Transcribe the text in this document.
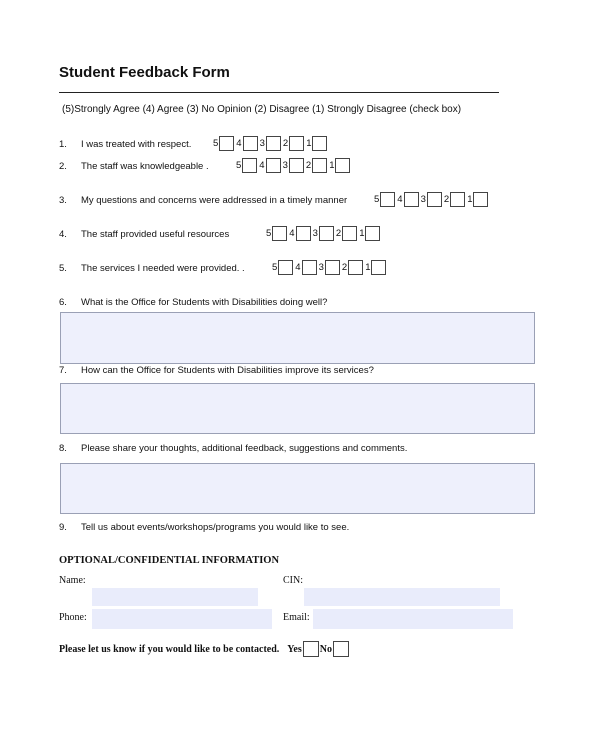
Student Feedback Form
(5)Strongly Agree (4) Agree (3) No Opinion (2) Disagree (1) Strongly Disagree (check box)
1. I was treated with respect. 5 4 3 2 1
2. The staff was knowledgeable .	5 4 3 2 1
3. My questions and concerns were addressed in a timely manner	5 4 3 2 1
4. The staff provided useful resources	5 4 3 2 1
5. The services I needed were provided. .	5 4 3 2 1
6. What is the Office for Students with Disabilities doing well?
7. How can the Office for Students with Disabilities improve its services?
8. Please share your thoughts, additional feedback, suggestions and comments.
9. Tell us about events/workshops/programs you would like to see.
OPTIONAL/CONFIDENTIAL INFORMATION
Name:	CIN:
Phone:	Email:
Please let us know if you would like to be contacted. Yes No
